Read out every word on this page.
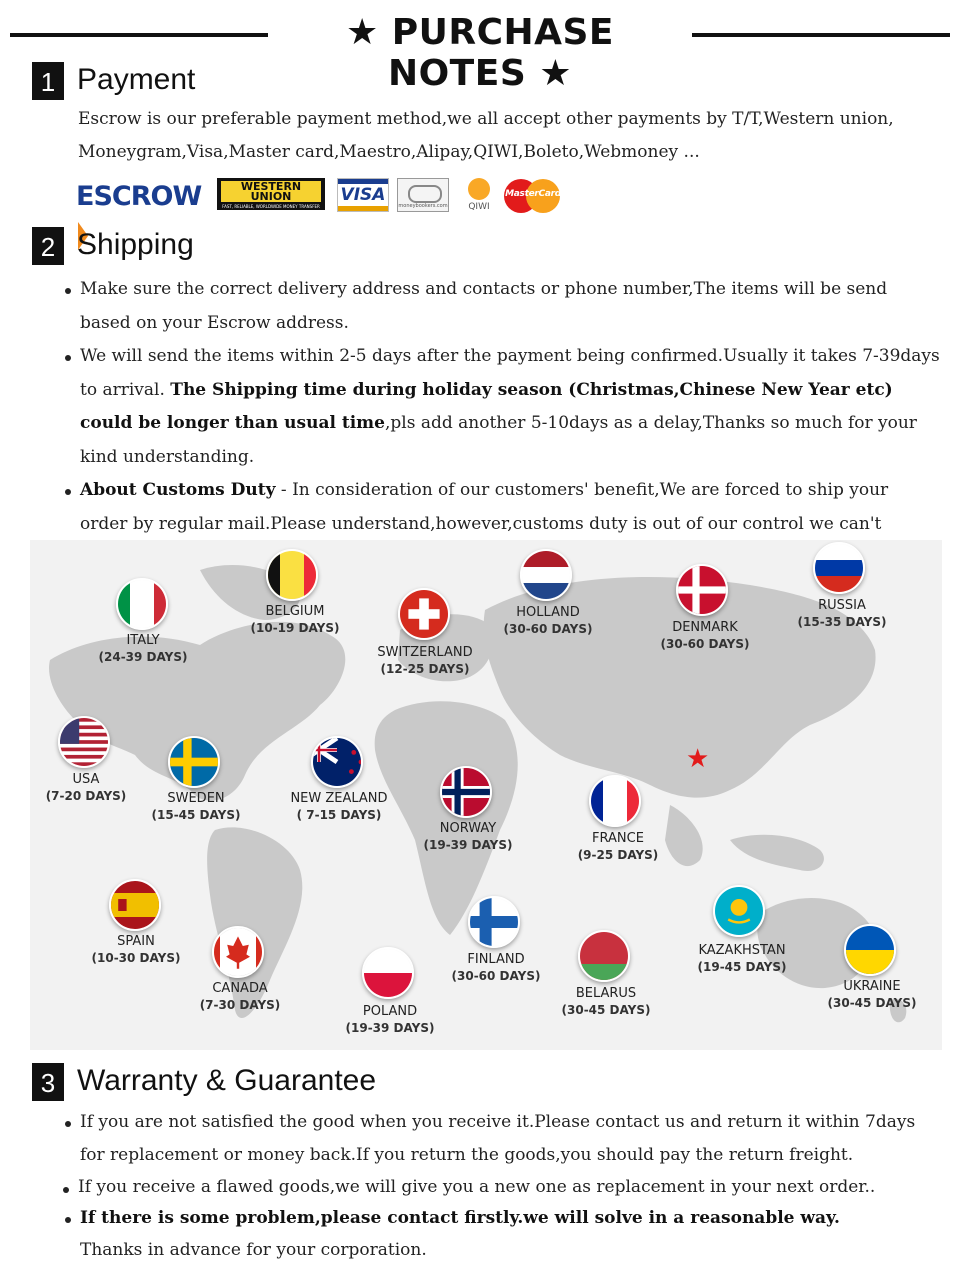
★ PURCHASE NOTES ★
1 Payment
Escrow is our preferable payment method,we all accept other payments by T/T,Western union,
Moneygram,Visa,Master card,Maestro,Alipay,QIWI,Boleto,Webmoney ...
ESCROW	WESTERN
UNION
FAST, RELIABLE, WORLDWIDE MONEY TRANSFER
VISA
moneybookers.com	QIWI
MasterCard
2 Shipping
Make sure the correct delivery address and contacts or phone number,The items will be send based on your Escrow address.
We will send the items within 2-5 days after the payment being confirmed.Usually it takes 7-39days to arrival. The Shipping time during holiday season (Christmas,Chinese New Year etc) could be longer than usual time,pls add another 5-10days as a delay,Thanks so much for your kind understanding.
About Customs Duty - In consideration of our customers' benefit,We are forced to ship your order by regular mail.Please understand,however,customs duty is out of our control we can't
★
ITALY
(24-39 DAYS)
BELGIUM
(10-19 DAYS)
SWITZERLAND
(12-25 DAYS)
HOLLAND
(30-60 DAYS)	DENMARK
(30-60 DAYS)
RUSSIA
(15-35 DAYS)
USA
(7-20 DAYS)	SWEDEN
(15-45 DAYS)
NEW ZEALAND
( 7-15 DAYS)
NORWAY
(19-39 DAYS)	FRANCE
(9-25 DAYS)
SPAIN
(10-30 DAYS)
CANADA
(7-30 DAYS)	POLAND
(19-39 DAYS)
FINLAND
(30-60 DAYS)
BELARUS
(30-45 DAYS)
KAZAKHSTAN
(19-45 DAYS)
UKRAINE
(30-45 DAYS)
3 Warranty & Guarantee
If you are not satisfied the good when you receive it.Please contact us and return it within 7days for replacement or money back.If you return the goods,you should pay the return freight.
If you receive a flawed goods,we will give you a new one as replacement in your next order..
If there is some problem,please contact firstly.we will solve in a reasonable way.
Thanks in advance for your corporation.
